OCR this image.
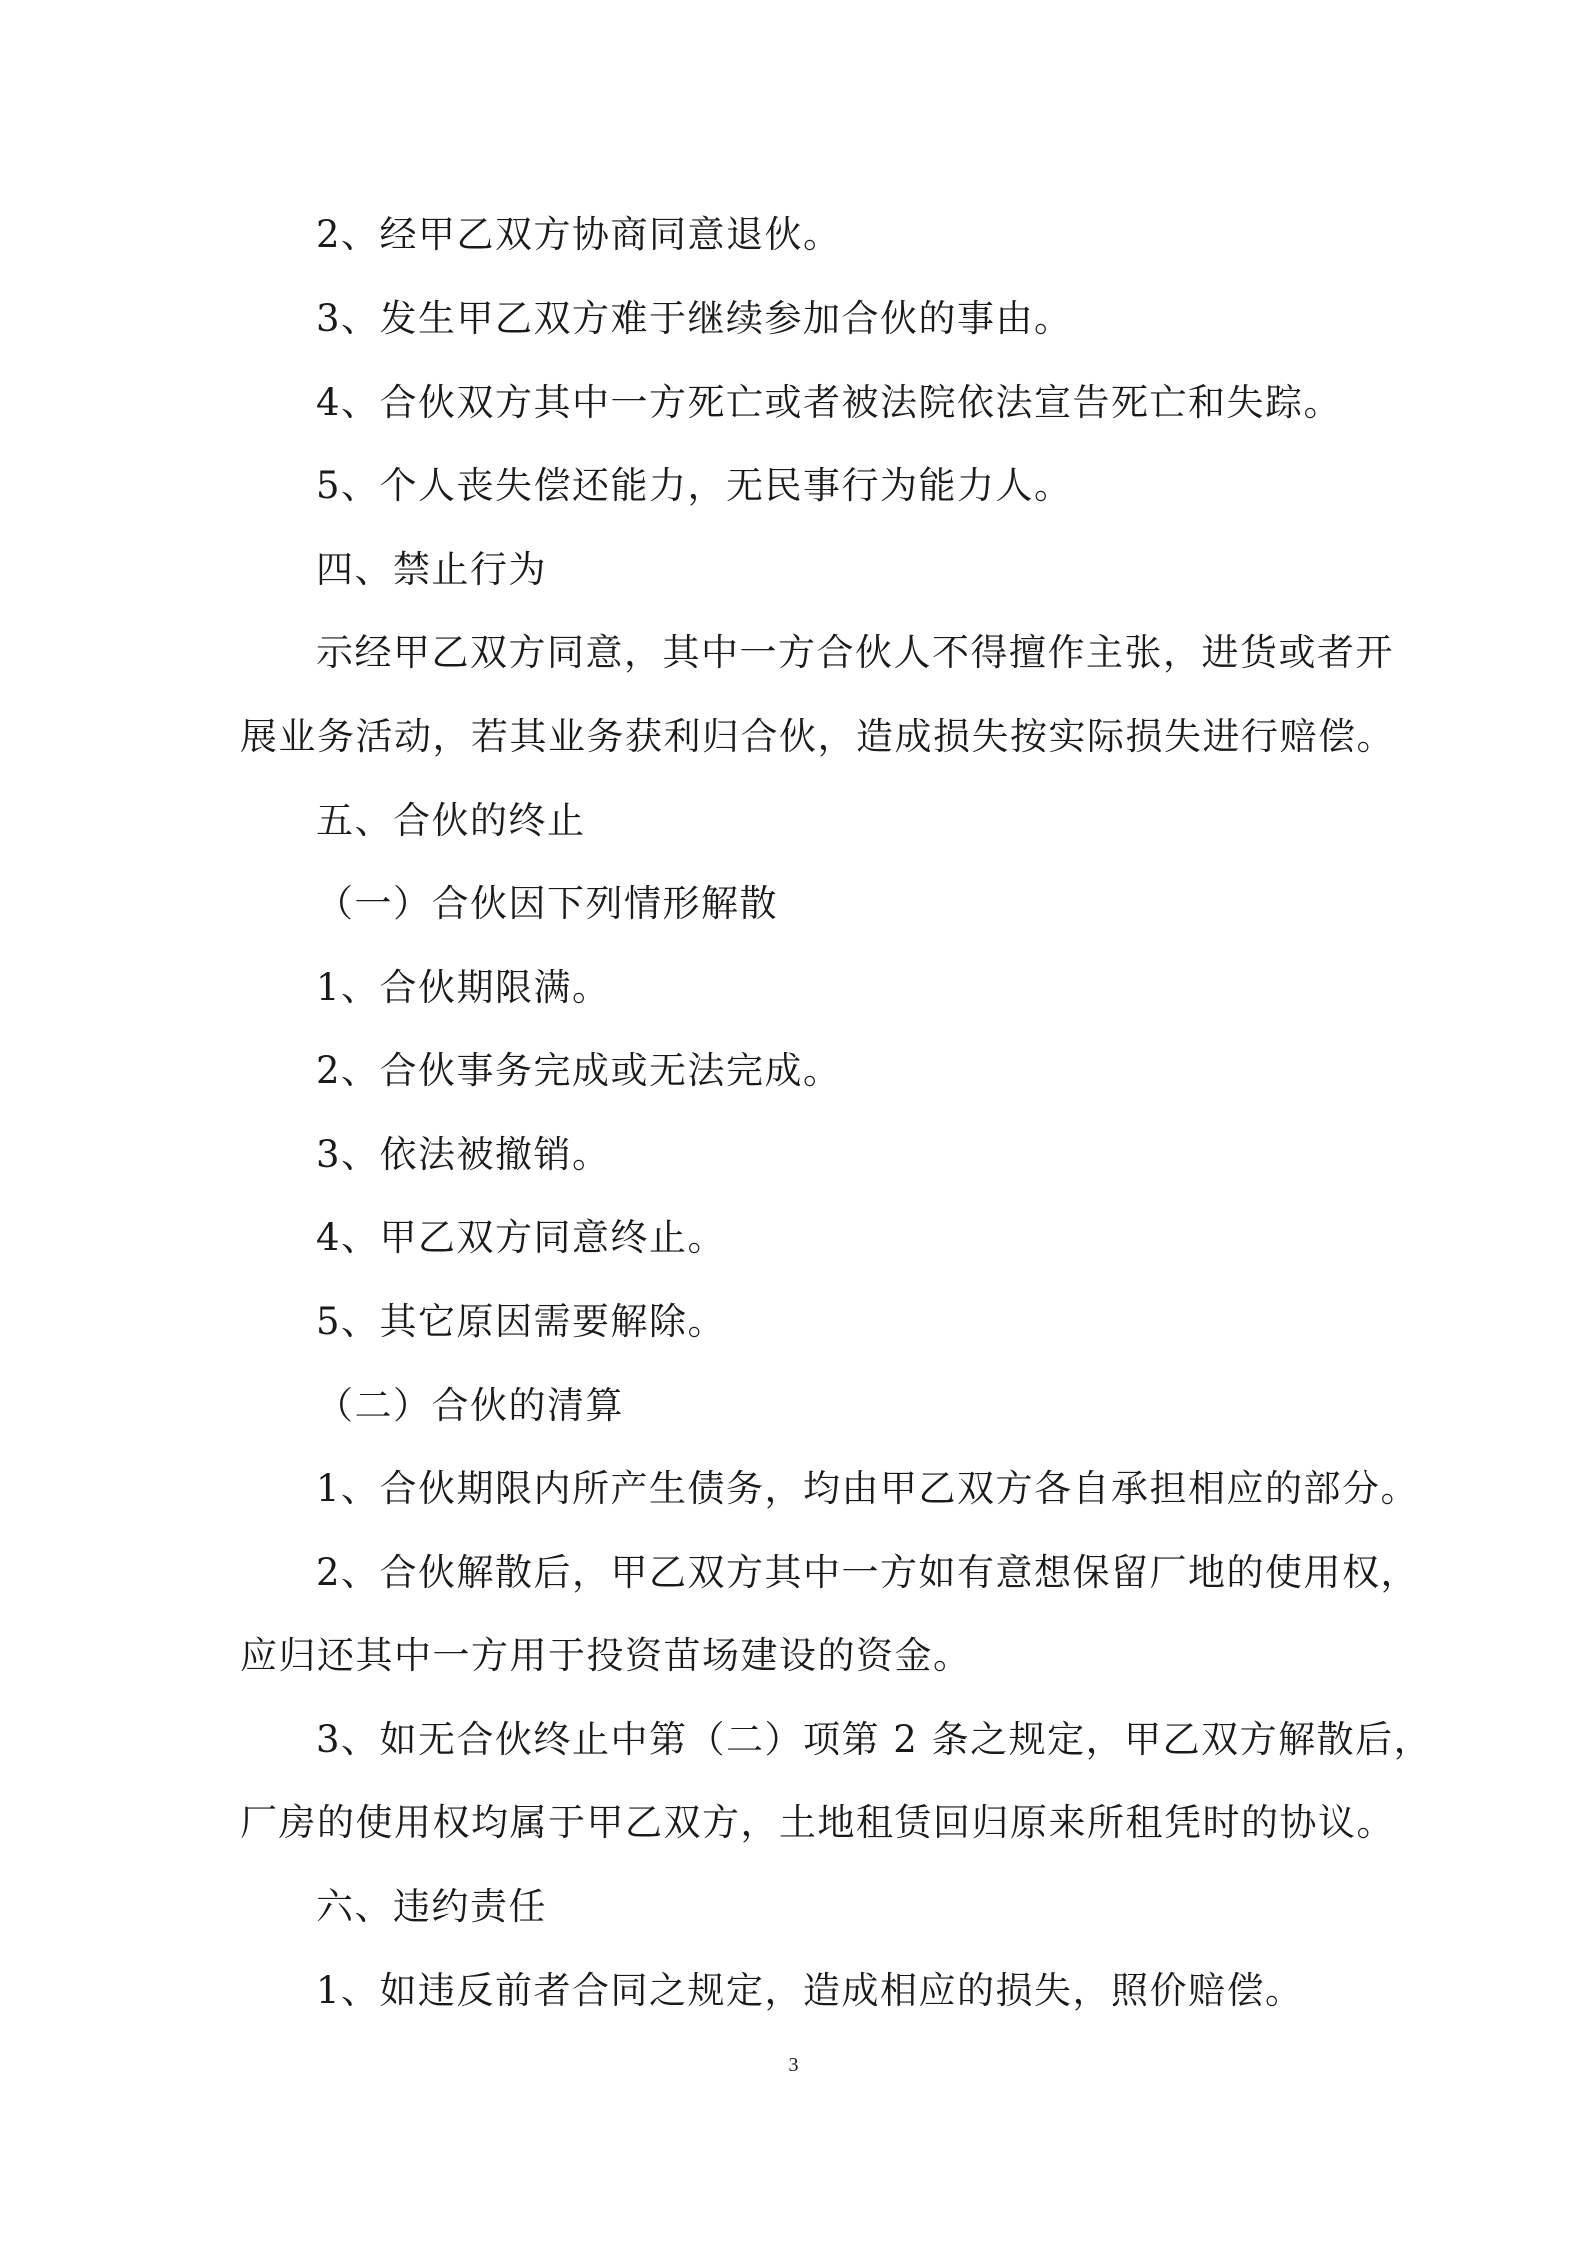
2、经甲乙双方协商同意退伙。
3、发生甲乙双方难于继续参加合伙的事由。
4、合伙双方其中一方死亡或者被法院依法宣告死亡和失踪。
5、个人丧失偿还能力，无民事行为能力人。
四、禁止行为
示经甲乙双方同意，其中一方合伙人不得擅作主张，进货或者开
展业务活动，若其业务获利归合伙，造成损失按实际损失进行赔偿。
五、合伙的终止
（一）合伙因下列情形解散
1、合伙期限满。
2、合伙事务完成或无法完成。
3、依法被撤销。
4、甲乙双方同意终止。
5、其它原因需要解除。
（二）合伙的清算
1、合伙期限内所产生债务，均由甲乙双方各自承担相应的部分。
2、合伙解散后，甲乙双方其中一方如有意想保留厂地的使用权，
应归还其中一方用于投资苗场建设的资金。
3、如无合伙终止中第（二）项第 2 条之规定，甲乙双方解散后，
厂房的使用权均属于甲乙双方，土地租赁回归原来所租凭时的协议。
六、违约责任
1、如违反前者合同之规定，造成相应的损失，照价赔偿。
3
